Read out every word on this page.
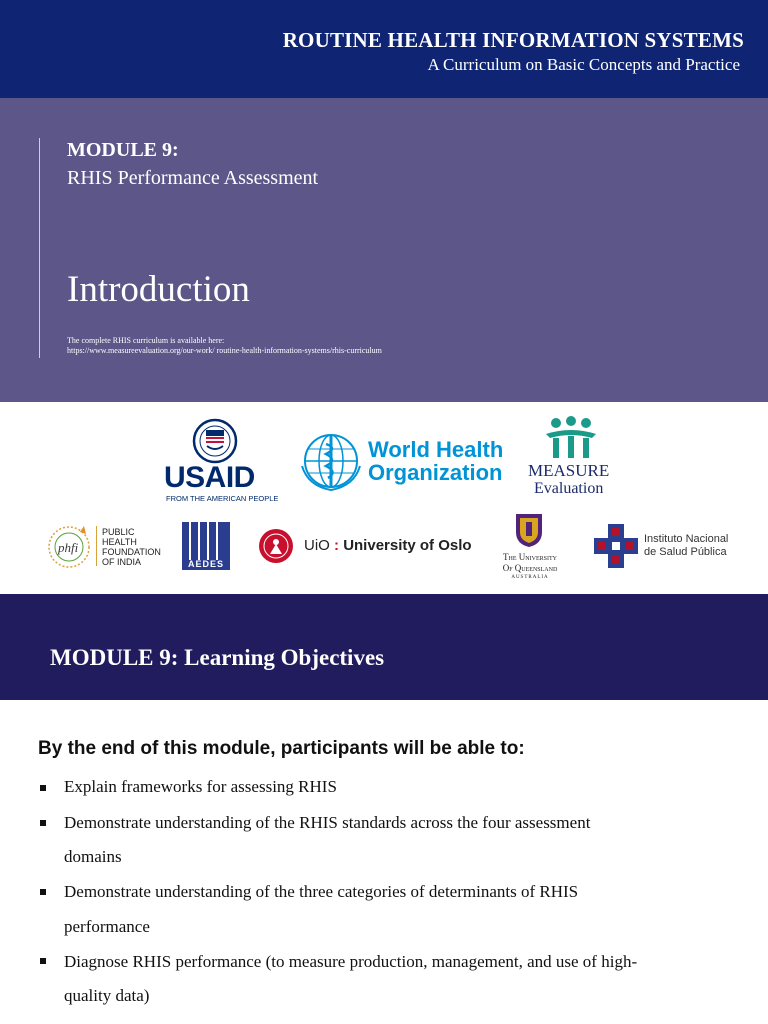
ROUTINE HEALTH INFORMATION SYSTEMS
A Curriculum on Basic Concepts and Practice
MODULE 9:
RHIS Performance Assessment
Introduction
The complete RHIS curriculum is available here:
https://www.measureevaluation.org/our-work/ routine-health-information-systems/rhis-curriculum
USAID
FROM THE AMERICAN PEOPLE
World Health
Organization MEASURE
Evaluation
phfi
PUBLIC
HEALTH
FOUNDATION
OF INDIA	AEDES
UiO : University of Oslo
The University
Of Queensland
AUSTRALIA
Instituto Nacional
de Salud Pública
MODULE 9: Learning Objectives
By the end of this module, participants will be able to:
Explain frameworks for assessing RHIS
Demonstrate understanding of the RHIS standards across the four assessment
domains
Demonstrate understanding of the three categories of determinants of RHIS
performance
Diagnose RHIS performance (to measure production, management, and use of high-
quality data)
